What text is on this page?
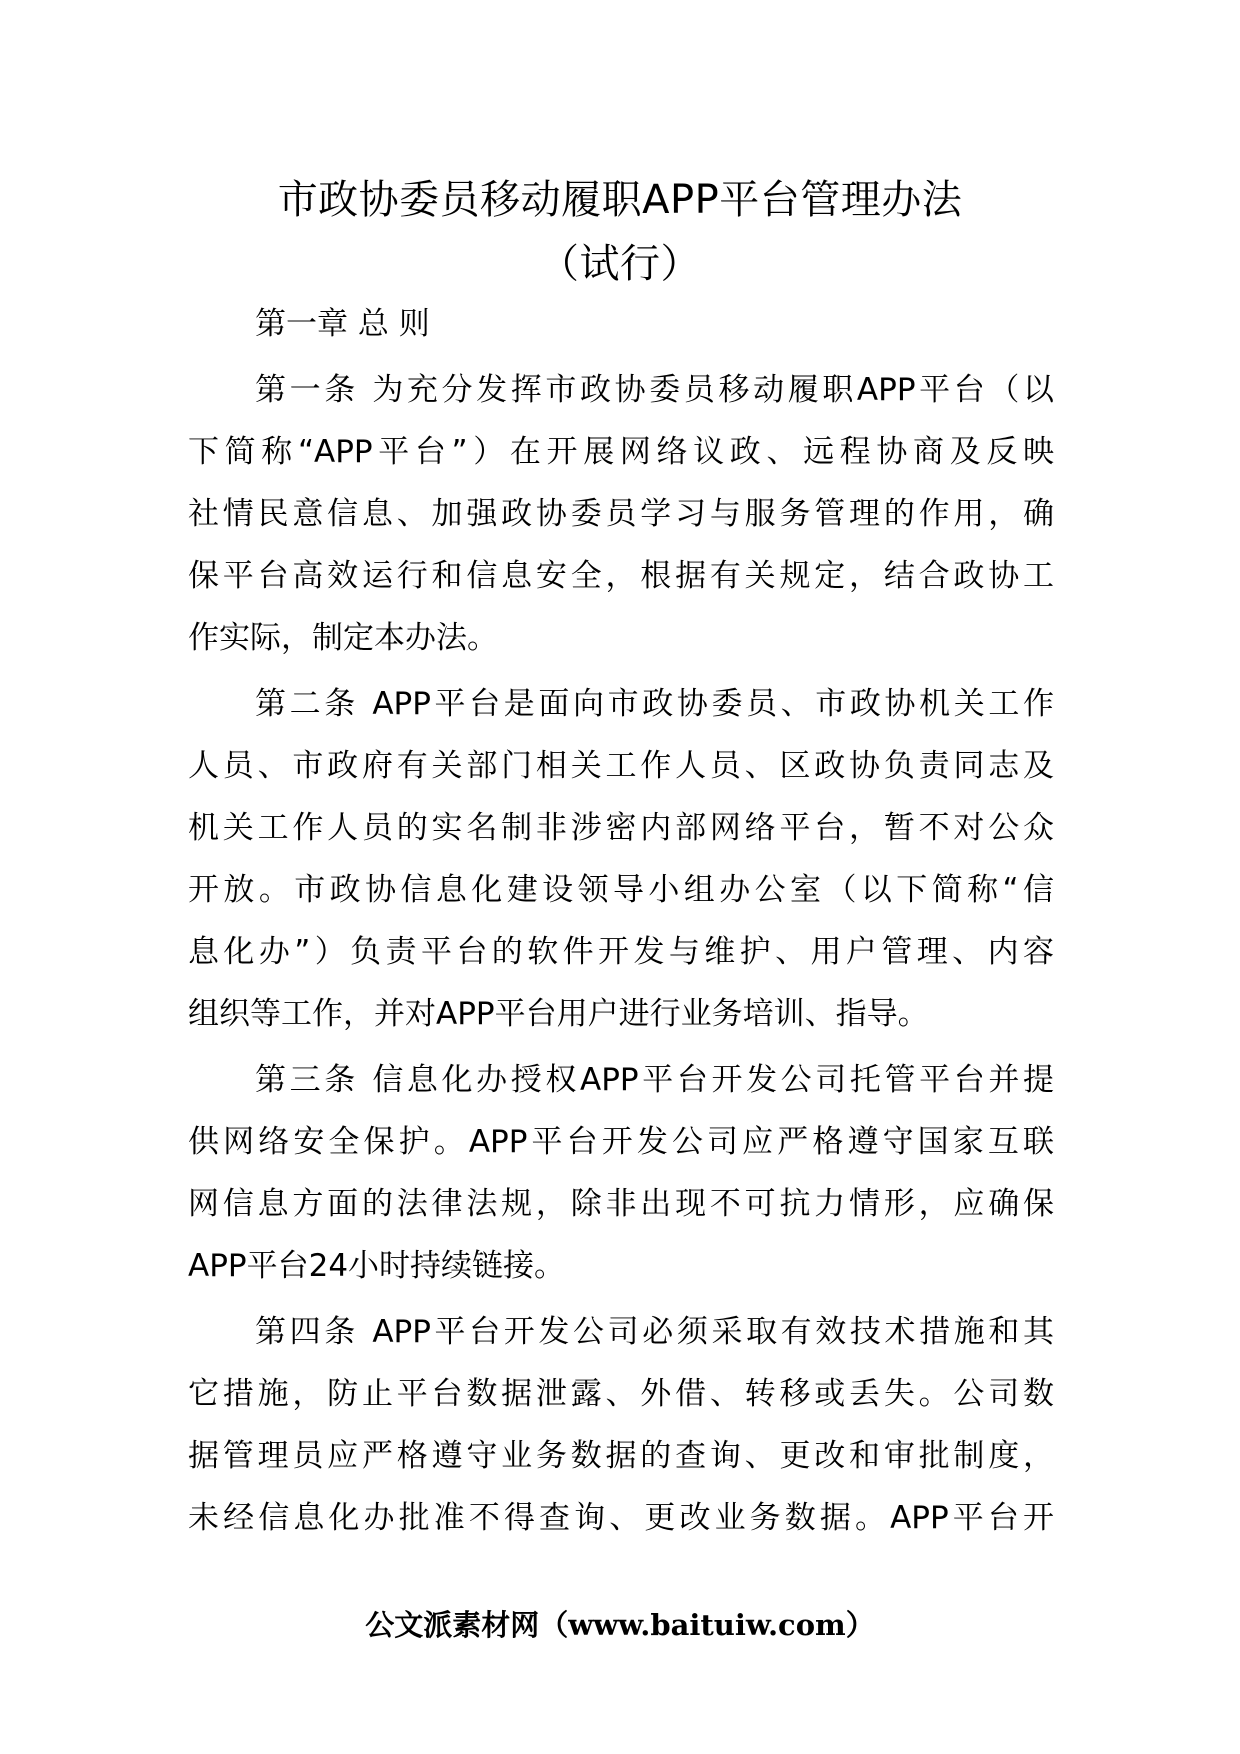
市政协委员移动履职APP平台管理办法
（试行）
第一章 总 则
第一条 为充分发挥市政协委员移动履职APP平台（以
下简称“APP平台”）在开展网络议政、远程协商及反映
社情民意信息、加强政协委员学习与服务管理的作用，确
保平台高效运行和信息安全，根据有关规定，结合政协工
作实际，制定本办法。
第二条 APP平台是面向市政协委员、市政协机关工作
人员、市政府有关部门相关工作人员、区政协负责同志及
机关工作人员的实名制非涉密内部网络平台，暂不对公众
开放。市政协信息化建设领导小组办公室（以下简称“信
息化办”）负责平台的软件开发与维护、用户管理、内容
组织等工作，并对APP平台用户进行业务培训、指导。
第三条 信息化办授权APP平台开发公司托管平台并提
供网络安全保护。APP平台开发公司应严格遵守国家互联
网信息方面的法律法规，除非出现不可抗力情形，应确保
APP平台24小时持续链接。
第四条 APP平台开发公司必须采取有效技术措施和其
它措施，防止平台数据泄露、外借、转移或丢失。公司数
据管理员应严格遵守业务数据的查询、更改和审批制度，
未经信息化办批准不得查询、更改业务数据。APP平台开
公文派素材网（www.baituiw.com）
